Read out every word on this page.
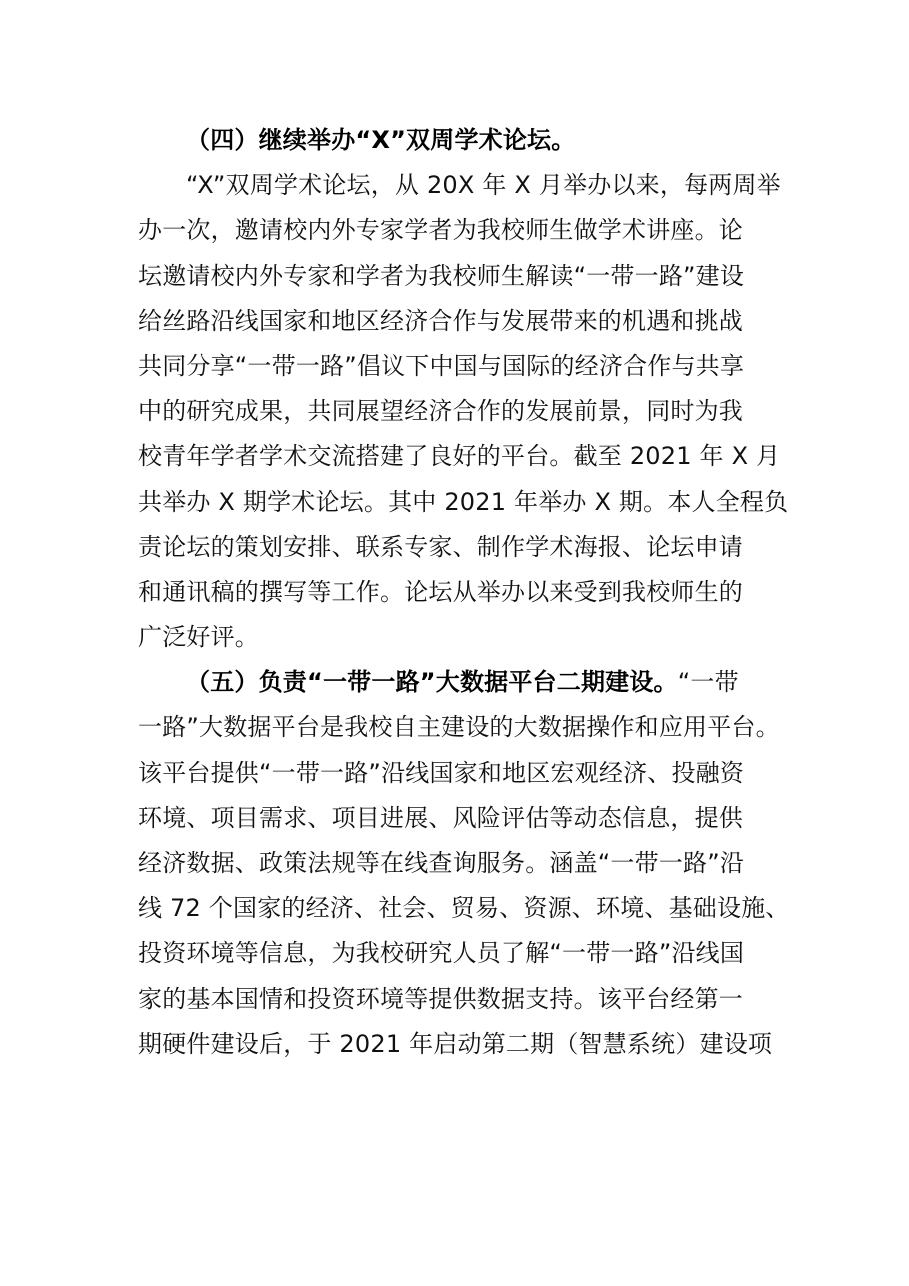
（四）继续举办“X”双周学术论坛。
“X”双周学术论坛，从 20X 年 X 月举办以来，每两周举
办一次，邀请校内外专家学者为我校师生做学术讲座。论
坛邀请校内外专家和学者为我校师生解读“一带一路”建设
给丝路沿线国家和地区经济合作与发展带来的机遇和挑战
共同分享“一带一路”倡议下中国与国际的经济合作与共享
中的研究成果，共同展望经济合作的发展前景，同时为我
校青年学者学术交流搭建了良好的平台。截至 2021 年 X 月
共举办 X 期学术论坛。其中 2021 年举办 X 期。本人全程负
责论坛的策划安排、联系专家、制作学术海报、论坛申请
和通讯稿的撰写等工作。论坛从举办以来受到我校师生的
广泛好评。
（五）负责“一带一路”大数据平台二期建设。“一带
一路”大数据平台是我校自主建设的大数据操作和应用平台。
该平台提供“一带一路”沿线国家和地区宏观经济、投融资
环境、项目需求、项目进展、风险评估等动态信息，提供
经济数据、政策法规等在线查询服务。涵盖“一带一路”沿
线 72 个国家的经济、社会、贸易、资源、环境、基础设施、
投资环境等信息，为我校研究人员了解“一带一路”沿线国
家的基本国情和投资环境等提供数据支持。该平台经第一
期硬件建设后，于 2021 年启动第二期（智慧系统）建设项
